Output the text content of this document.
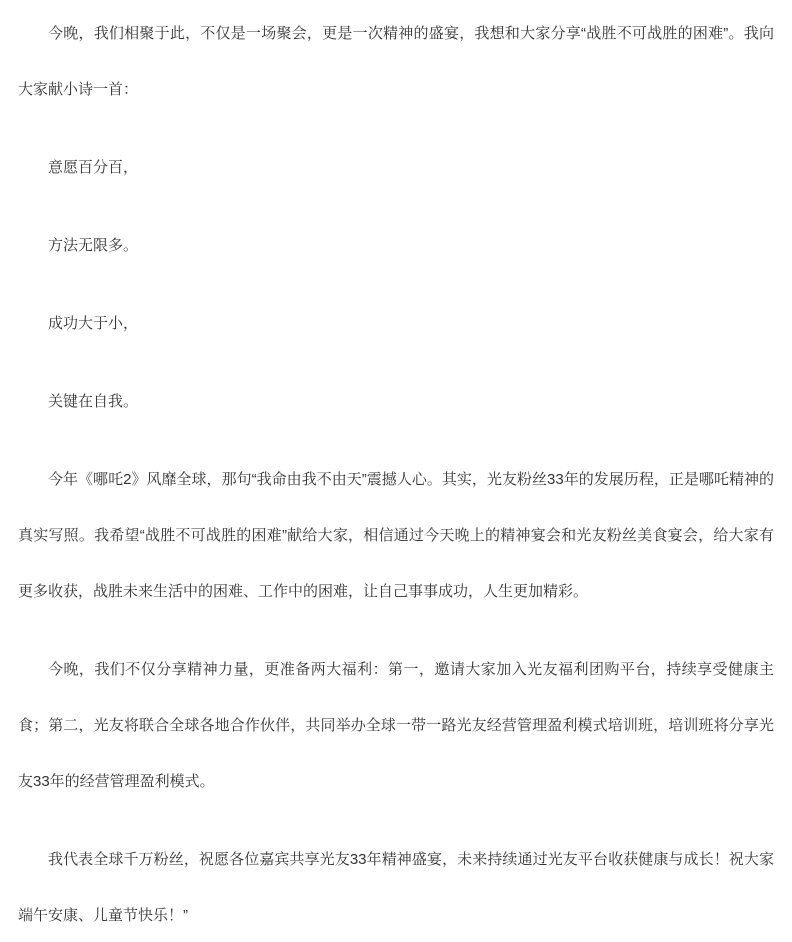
今晚，我们相聚于此，不仅是一场聚会，更是一次精神的盛宴，我想和大家分享“战胜不可战胜的困难”。我向大家献小诗一首：

意愿百分百，

方法无限多。

成功大于小，

关键在自我。

今年《哪吒2》风靡全球，那句“我命由我不由天”震撼人心。其实，光友粉丝33年的发展历程，正是哪吒精神的真实写照。我希望“战胜不可战胜的困难”献给大家，相信通过今天晚上的精神宴会和光友粉丝美食宴会，给大家有更多收获，战胜未来生活中的困难、工作中的困难，让自己事事成功，人生更加精彩。

今晚，我们不仅分享精神力量，更准备两大福利：第一，邀请大家加入光友福利团购平台，持续享受健康主食；第二，光友将联合全球各地合作伙伴，共同举办全球一带一路光友经营管理盈利模式培训班，培训班将分享光友33年的经营管理盈利模式。

我代表全球千万粉丝，祝愿各位嘉宾共享光友33年精神盛宴，未来持续通过光友平台收获健康与成长！祝大家端午安康、儿童节快乐！”
